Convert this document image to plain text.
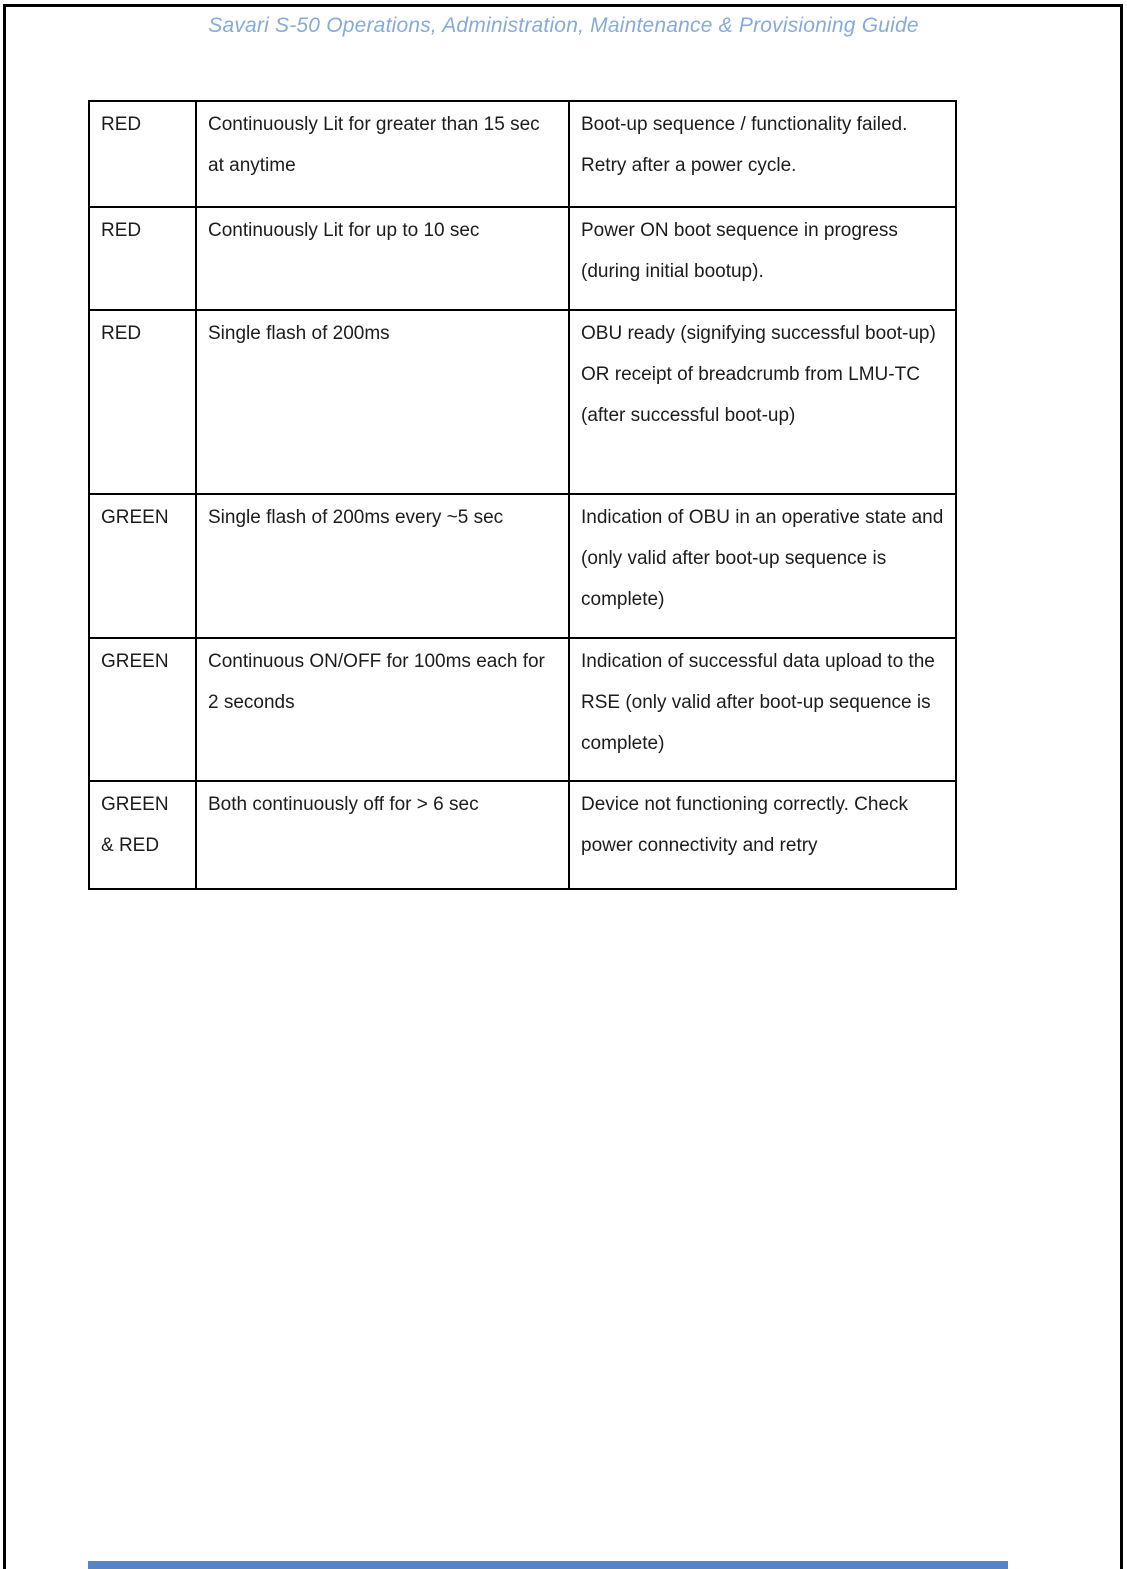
Savari S-50 Operations, Administration, Maintenance & Provisioning Guide
RED	Continuously Lit for greater than 15 sec at anytime	Boot-up sequence / functionality failed. Retry after a power cycle.
RED	Continuously Lit for up to 10 sec	Power ON boot sequence in progress (during initial bootup).
RED	Single flash of 200ms	OBU ready (signifying successful boot-up) OR receipt of breadcrumb from LMU-TC (after successful boot-up)
GREEN	Single flash of 200ms every ~5 sec	Indication of OBU in an operative state and (only valid after boot-up sequence is complete)
GREEN	Continuous ON/OFF for 100ms each for 2 seconds	Indication of successful data upload to the RSE (only valid after boot-up sequence is complete)
GREEN & RED	Both continuously off for > 6 sec	Device not functioning correctly. Check power connectivity and retry
